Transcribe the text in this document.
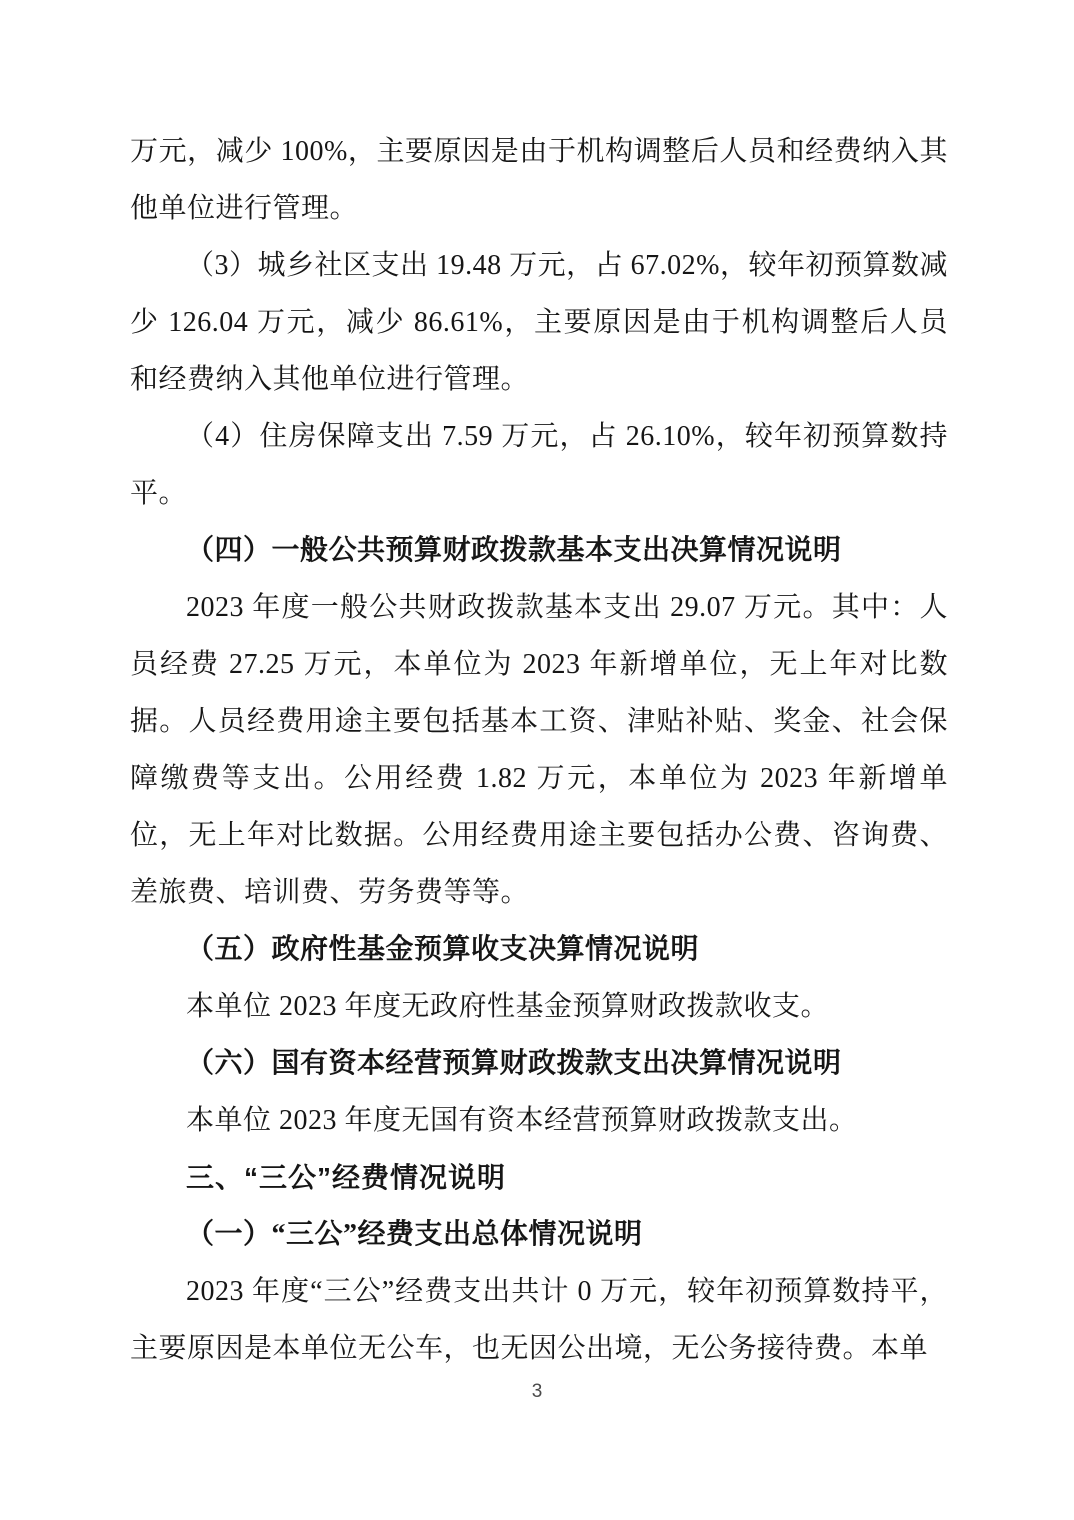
万元，减少 100%，主要原因是由于机构调整后人员和经费纳入其他单位进行管理。

（3）城乡社区支出 19.48 万元，占 67.02%，较年初预算数减少 126.04 万元，减少 86.61%，主要原因是由于机构调整后人员和经费纳入其他单位进行管理。

（4）住房保障支出 7.59 万元，占 26.10%，较年初预算数持平。

（四）一般公共预算财政拨款基本支出决算情况说明

2023 年度一般公共财政拨款基本支出 29.07 万元。其中：人员经费 27.25 万元，本单位为 2023 年新增单位，无上年对比数据。人员经费用途主要包括基本工资、津贴补贴、奖金、社会保障缴费等支出。公用经费 1.82 万元，本单位为 2023 年新增单位，无上年对比数据。公用经费用途主要包括办公费、咨询费、差旅费、培训费、劳务费等等。

（五）政府性基金预算收支决算情况说明

本单位 2023 年度无政府性基金预算财政拨款收支。

（六）国有资本经营预算财政拨款支出决算情况说明

本单位 2023 年度无国有资本经营预算财政拨款支出。

三、“三公”经费情况说明

（一）“三公”经费支出总体情况说明

2023 年度“三公”经费支出共计 0 万元，较年初预算数持平，主要原因是本单位无公车，也无因公出境，无公务接待费。本单

3
